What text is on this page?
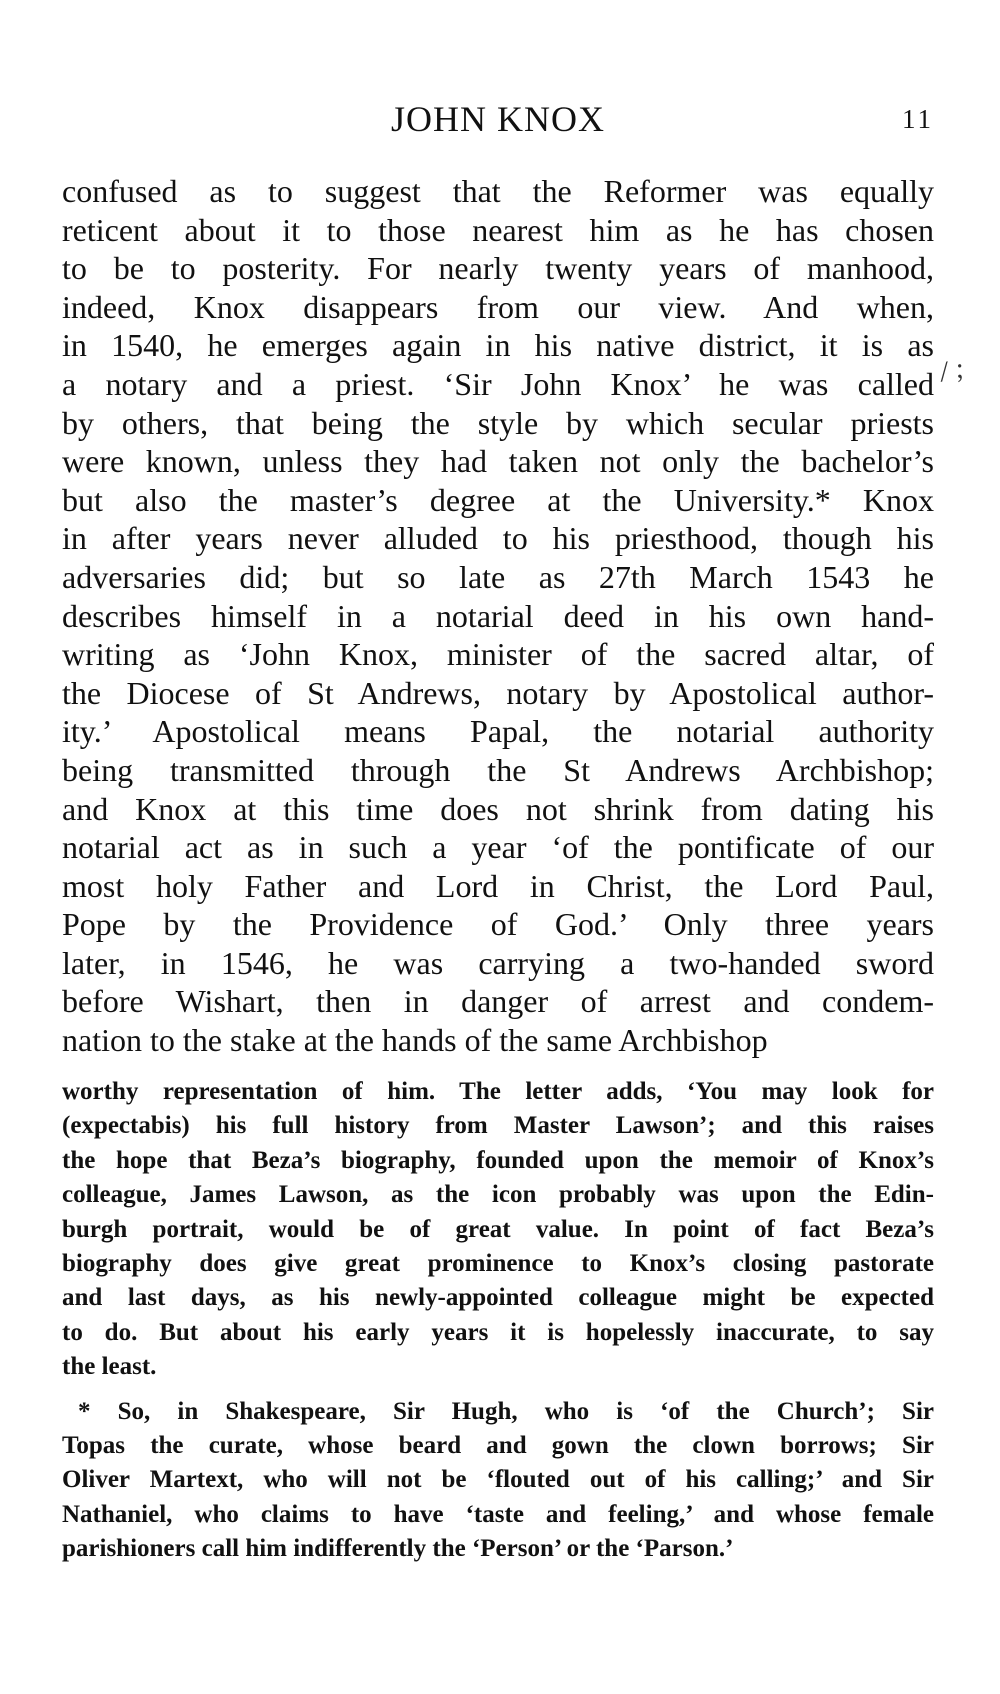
JOHN KNOX	11
/ ;
confused as to suggest that the Reformer was equally
reticent about it to those nearest him as he has chosen
to be to posterity. For nearly twenty years of manhood,
indeed, Knox disappears from our view. And when,
in 1540, he emerges again in his native district, it is as
a notary and a priest. ‘Sir John Knox’ he was called
by others, that being the style by which secular priests
were known, unless they had taken not only the bachelor’s
but also the master’s degree at the University.* Knox
in after years never alluded to his priesthood, though his
adversaries did; but so late as 27th March 1543 he
describes himself in a notarial deed in his own hand-
writing as ‘John Knox, minister of the sacred altar, of
the Diocese of St Andrews, notary by Apostolical author-
ity.’ Apostolical means Papal, the notarial authority
being transmitted through the St Andrews Archbishop;
and Knox at this time does not shrink from dating his
notarial act as in such a year ‘of the pontificate of our
most holy Father and Lord in Christ, the Lord Paul,
Pope by the Providence of God.’ Only three years
later, in 1546, he was carrying a two-handed sword
before Wishart, then in danger of arrest and condem-
nation to the stake at the hands of the same Archbishop
worthy representation of him. The letter adds, ‘You may look for
(expectabis) his full history from Master Lawson’; and this raises
the hope that Beza’s biography, founded upon the memoir of Knox’s
colleague, James Lawson, as the icon probably was upon the Edin-
burgh portrait, would be of great value. In point of fact Beza’s
biography does give great prominence to Knox’s closing pastorate
and last days, as his newly-appointed colleague might be expected
to do. But about his early years it is hopelessly inaccurate, to say
the least.
* So, in Shakespeare, Sir Hugh, who is ‘of the Church’; Sir
Topas the curate, whose beard and gown the clown borrows; Sir
Oliver Martext, who will not be ‘flouted out of his calling;’ and Sir
Nathaniel, who claims to have ‘taste and feeling,’ and whose female
parishioners call him indifferently the ‘Person’ or the ‘Parson.’
